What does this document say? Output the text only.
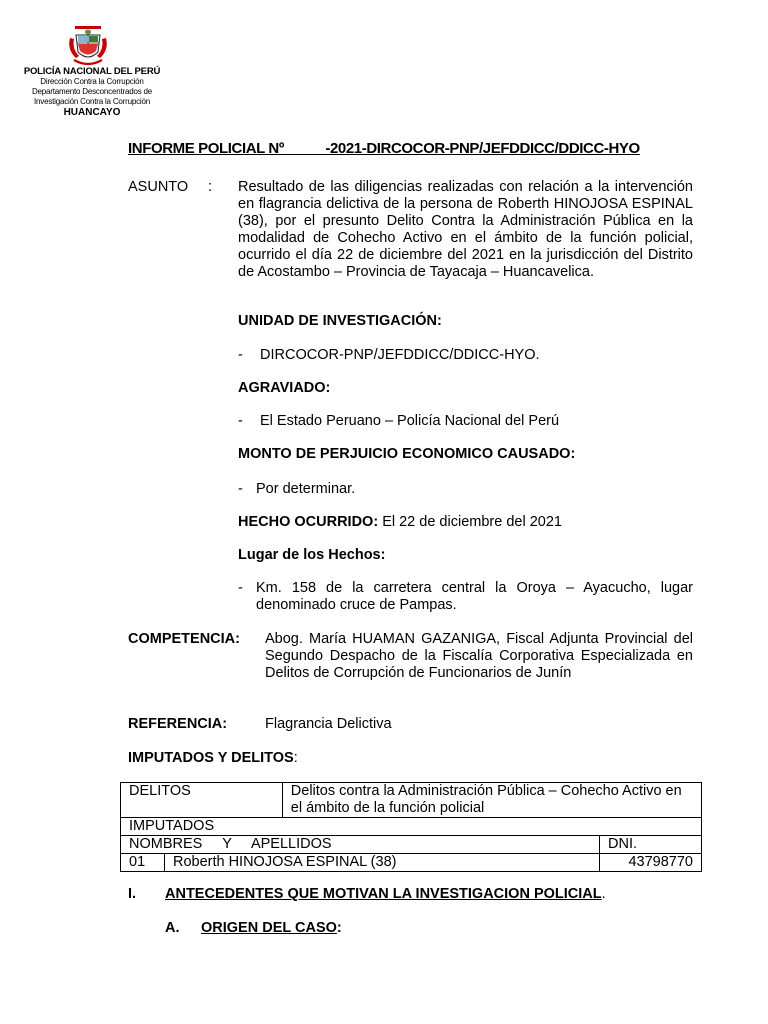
POLICÍA NACIONAL DEL PERÚ
Dirección Contra la Corrupción
Departamento Desconcentrados de
Investigación Contra la Corrupción
HUANCAYO
INFORME POLICIAL Nº           -2021-DIRCOCOR-PNP/JEFDDICC/DDICC-HYO
ASUNTO : Resultado de las diligencias realizadas con relación a la intervención en flagrancia delictiva de la persona de Roberth HINOJOSA ESPINAL (38), por el presunto Delito Contra la Administración Pública en la modalidad de Cohecho Activo en el ámbito de la función policial, ocurrido el día 22 de diciembre del 2021 en la jurisdicción del Distrito de Acostambo – Provincia de Tayacaja – Huancavelica.
UNIDAD DE INVESTIGACIÓN:
- DIRCOCOR-PNP/JEFDDICC/DDICC-HYO.
AGRAVIADO:
- El Estado Peruano – Policía Nacional del Perú
MONTO DE PERJUICIO ECONOMICO CAUSADO:
- Por determinar.
HECHO OCURRIDO: El 22 de diciembre del 2021
Lugar de los Hechos:
- Km. 158 de la carretera central la Oroya – Ayacucho, lugar denominado cruce de Pampas.
COMPETENCIA: Abog. María HUAMAN GAZANIGA, Fiscal Adjunta Provincial del Segundo Despacho de la Fiscalía Corporativa Especializada en Delitos de Corrupción de Funcionarios de Junín
REFERENCIA:	Flagrancia Delictiva
IMPUTADOS Y DELITOS:
DELITOS		Delitos contra la Administración Pública – Cohecho Activo en el ámbito de la función policial	
IMPUTADOS			
NOMBRES     Y     APELLIDOS			DNI.
01	Roberth HINOJOSA ESPINAL (38)		43798770
I. ANTECEDENTES QUE MOTIVAN LA INVESTIGACION POLICIAL.
A. ORIGEN DEL CASO:
